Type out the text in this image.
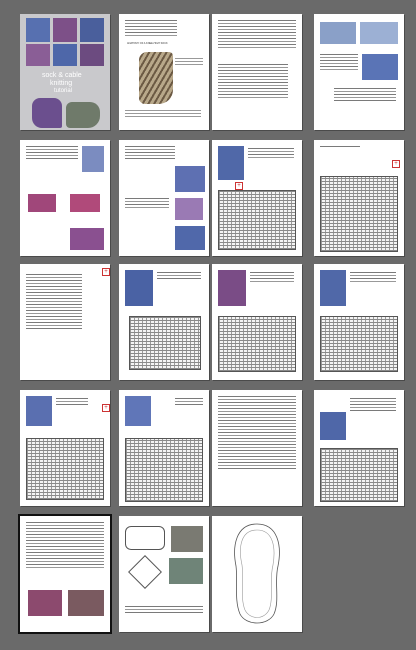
sock & cable
knitting
tutorial
ANATOMY OF A KNEE-HIGH SOCK
+
+
+
+
